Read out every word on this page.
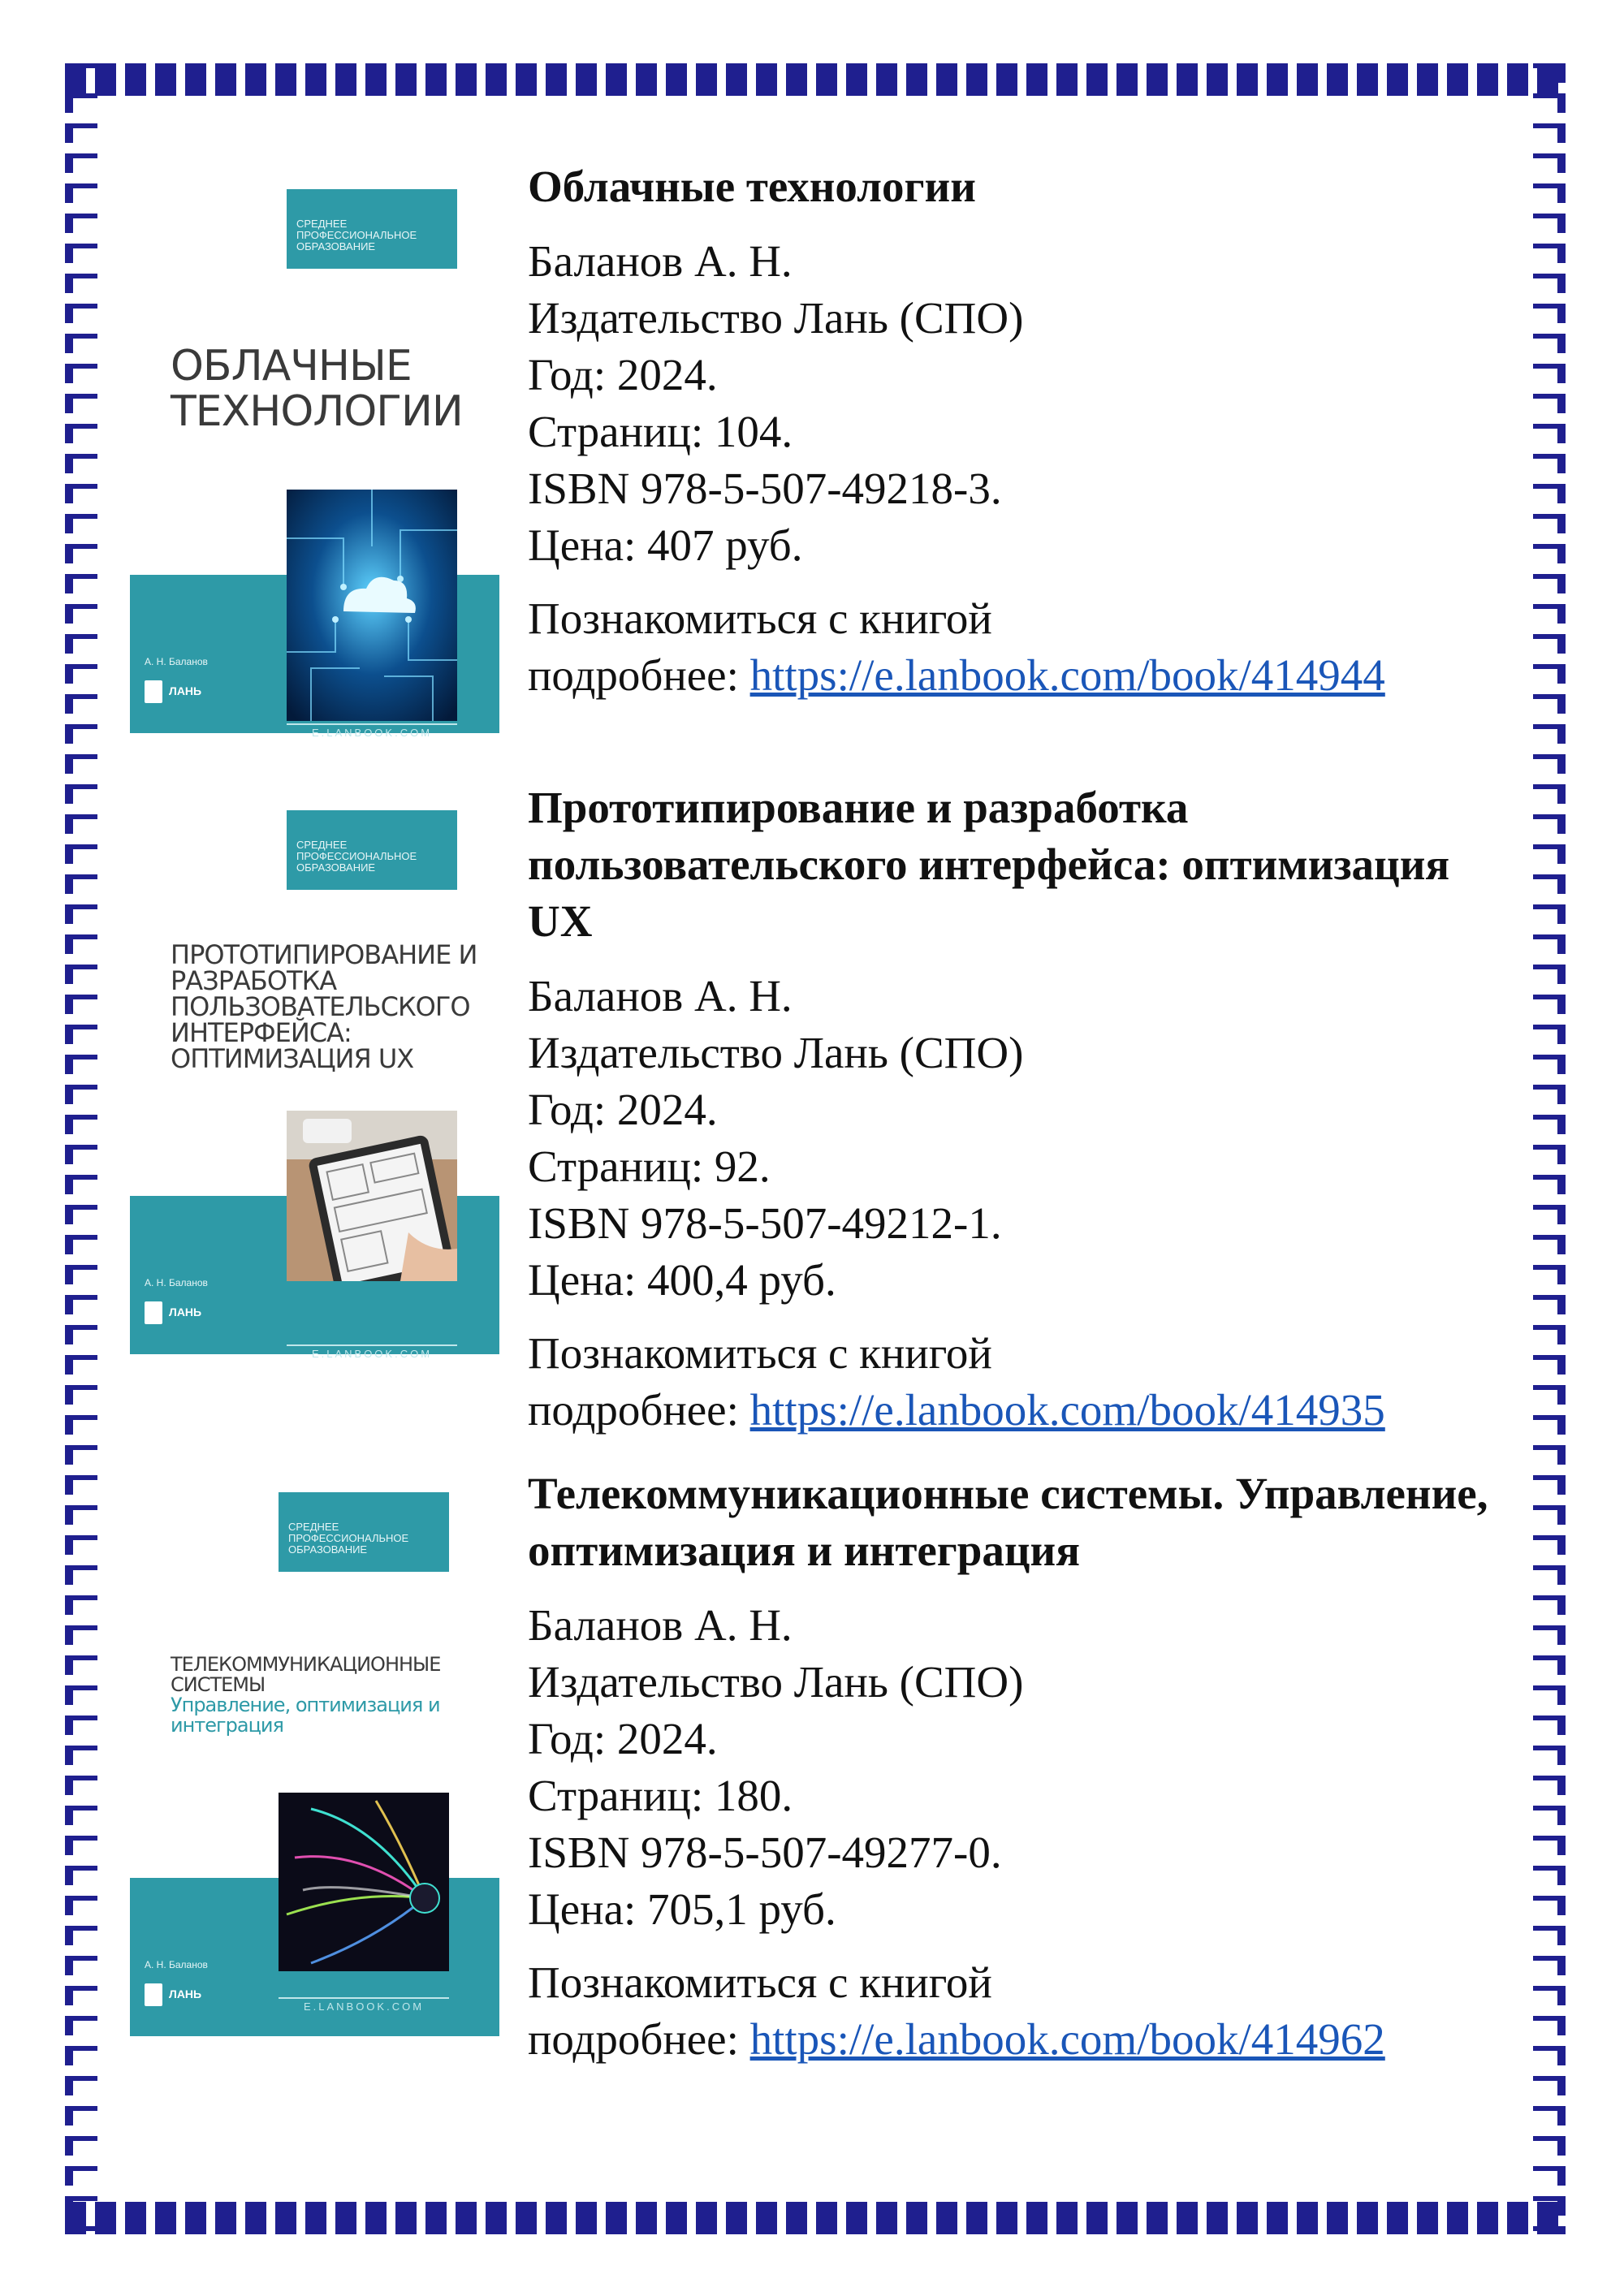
СРЕДНЕЕ ПРОФЕССИОНАЛЬНОЕ ОБРАЗОВАНИЕ
ОБЛАЧНЫЕ ТЕХНОЛОГИИ
А. Н. Баланов
ЛАНЬ
E.LANBOOK.COM
Облачные технологии
Баланов А. Н.
Издательство Лань (СПО)
Год: 2024.
Страниц: 104.
ISBN 978-5-507-49218-3.
Цена: 407 руб.
Познакомиться с книгой
подробнее: https://e.lanbook.com/book/414944
СРЕДНЕЕ ПРОФЕССИОНАЛЬНОЕ ОБРАЗОВАНИЕ
ПРОТОТИПИРОВАНИЕ И РАЗРАБОТКА ПОЛЬЗОВАТЕЛЬСКОГО ИНТЕРФЕЙСА: ОПТИМИЗАЦИЯ UX
А. Н. Баланов
ЛАНЬ
E.LANBOOK.COM
Прототипирование и разработка пользовательского интерфейса: оптимизация UX
Баланов А. Н.
Издательство Лань (СПО)
Год: 2024.
Страниц: 92.
ISBN 978-5-507-49212-1.
Цена: 400,4 руб.
Познакомиться с книгой
подробнее: https://e.lanbook.com/book/414935
СРЕДНЕЕ ПРОФЕССИОНАЛЬНОЕ ОБРАЗОВАНИЕ
ТЕЛЕКОММУНИКАЦИОННЫЕ СИСТЕМЫ
Управление, оптимизация и интеграция
А. Н. Баланов
ЛАНЬ
E.LANBOOK.COM
Телекоммуникационные системы. Управление, оптимизация и интеграция
Баланов А. Н.
Издательство Лань (СПО)
Год: 2024.
Страниц: 180.
ISBN 978-5-507-49277-0.
Цена: 705,1 руб.
Познакомиться с книгой
подробнее: https://e.lanbook.com/book/414962
